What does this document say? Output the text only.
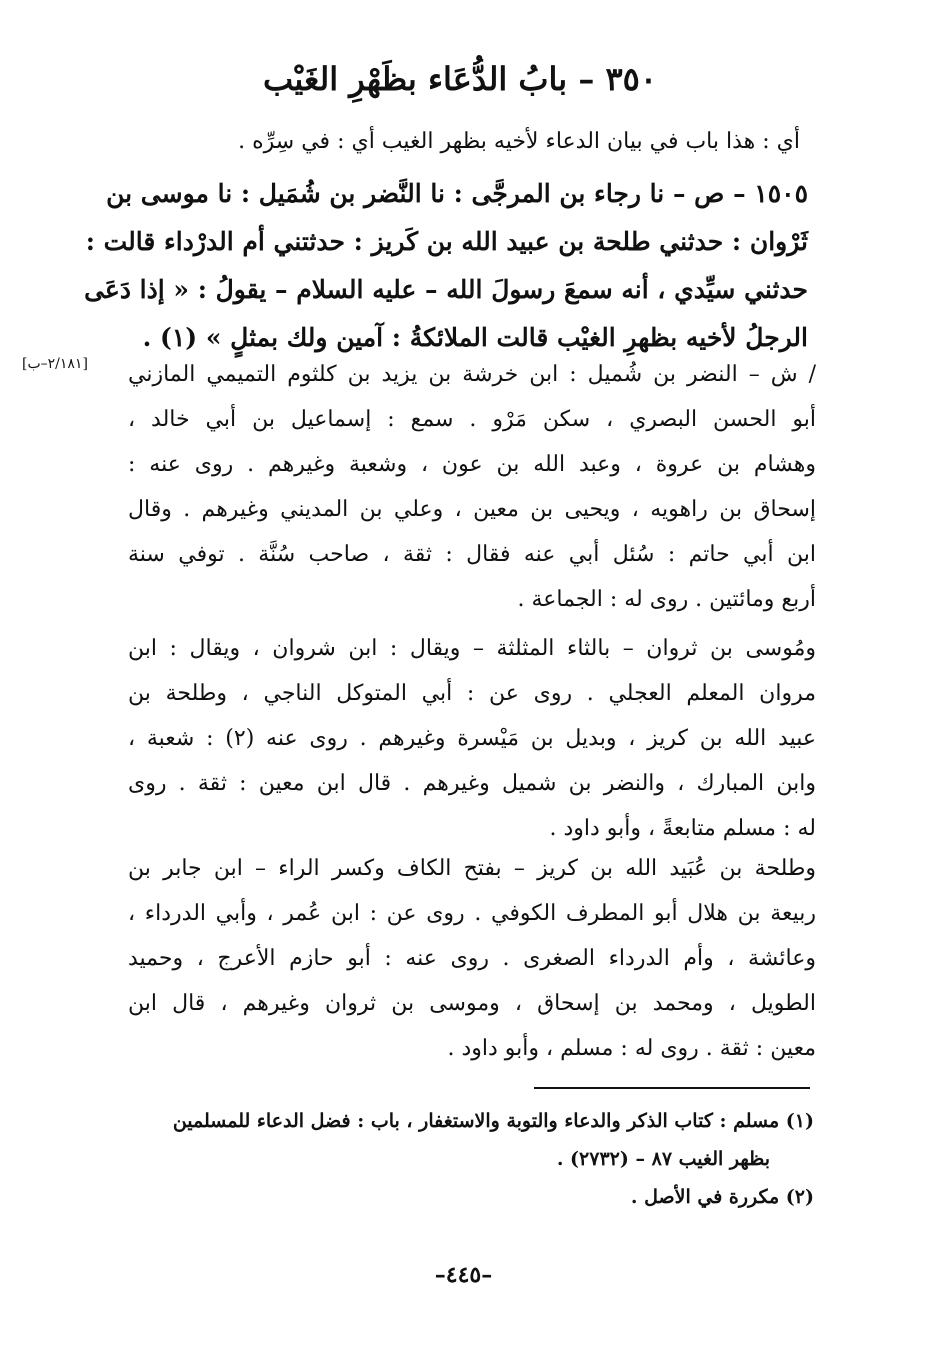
٣٥٠ – بابُ الدُّعَاء بظَهْرِ الغَيْب
أي : هذا باب في بيان الدعاء لأخيه بظهر الغيب أي : في سِرِّه .
١٥٠٥ – ص – نا رجاء بن المرجَّى : نا النَّضر بن شُمَيل : نا موسى بن
ثَرْوان : حدثني طلحة بن عبيد الله بن كَريز : حدثتني أم الدرْداء قالت :
حدثني سيِّدي ، أنه سمعَ رسولَ الله – عليه السلام – يقولُ : « إذا دَعَى
الرجلُ لأخيه بظهرِ الغيْب قالت الملائكةُ : آمين ولك بمثلٍ » (١) .
[٢/١٨١–ب] / ش – النضر بن شُميل : ابن خرشة بن يزيد بن كلثوم التميمي المازني
أبو الحسن البصري ، سكن مَرْو . سمع : إسماعيل بن أبي خالد ،
وهشام بن عروة ، وعبد الله بن عون ، وشعبة وغيرهم . روى عنه :
إسحاق بن راهويه ، ويحيى بن معين ، وعلي بن المديني وغيرهم . وقال
ابن أبي حاتم : سُئل أبي عنه فقال : ثقة ، صاحب سُنَّة . توفي سنة
أربع ومائتين . روى له : الجماعة .
ومُوسى بن ثروان – بالثاء المثلثة – ويقال : ابن شروان ، ويقال : ابن
مروان المعلم العجلي . روى عن : أبي المتوكل الناجي ، وطلحة بن
عبيد الله بن كريز ، وبديل بن مَيْسرة وغيرهم . روى عنه (٢) : شعبة ،
وابن المبارك ، والنضر بن شميل وغيرهم . قال ابن معين : ثقة . روى
له : مسلم متابعةً ، وأبو داود .
وطلحة بن عُبَيد الله بن كريز – بفتح الكاف وكسر الراء – ابن جابر بن
ربيعة بن هلال أبو المطرف الكوفي . روى عن : ابن عُمر ، وأبي الدرداء ،
وعائشة ، وأم الدرداء الصغرى . روى عنه : أبو حازم الأعرج ، وحميد
الطويل ، ومحمد بن إسحاق ، وموسى بن ثروان وغيرهم ، قال ابن
معين : ثقة . روى له : مسلم ، وأبو داود .
(١) مسلم : كتاب الذكر والدعاء والتوبة والاستغفار ، باب : فضل الدعاء للمسلمين
بظهر الغيب ٨٧ – (٢٧٣٢) .
(٢) مكررة في الأصل .
–٤٤٥–
